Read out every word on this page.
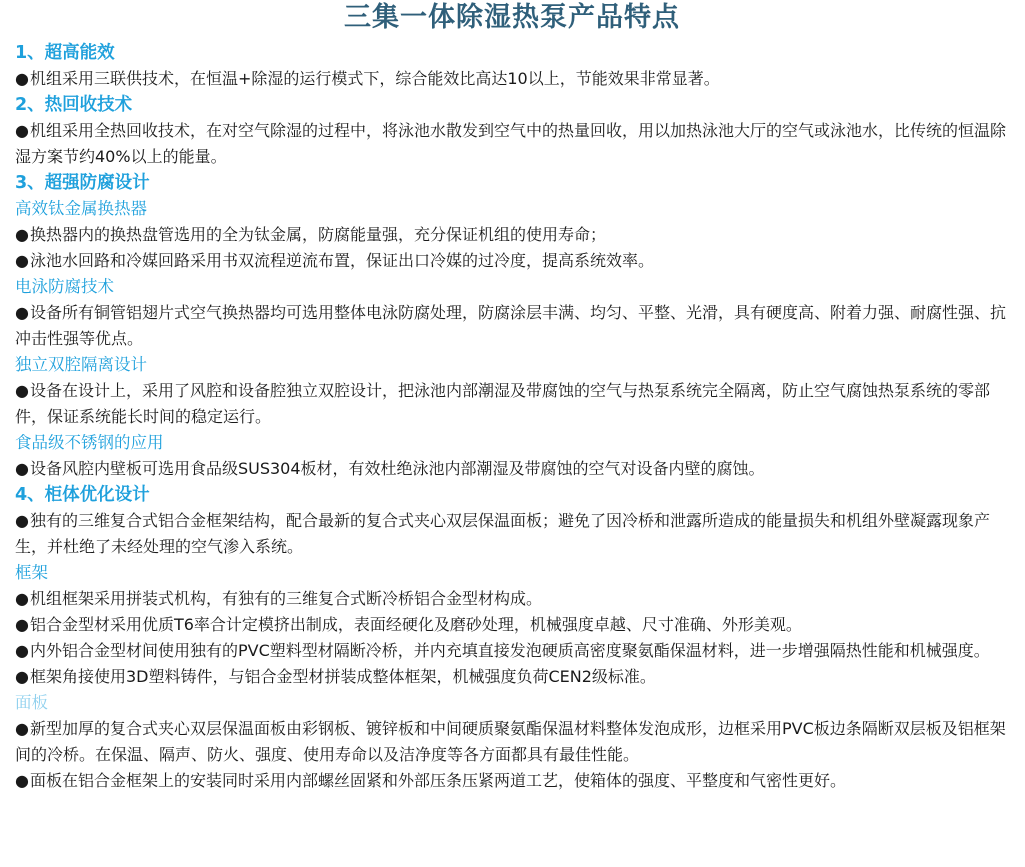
三集一体除湿热泵产品特点
1、超高能效

●机组采用三联供技术，在恒温+除湿的运行模式下，综合能效比高达10以上，节能效果非常显著。

2、热回收技术

●机组采用全热回收技术，在对空气除湿的过程中，将泳池水散发到空气中的热量回收，用以加热泳池大厅的空气或泳池水，比传统的恒温除湿方案节约40%以上的能量。

3、超强防腐设计
高效钛金属换热器

●换热器内的换热盘管选用的全为钛金属，防腐能量强，充分保证机组的使用寿命；

●泳池水回路和冷媒回路采用书双流程逆流布置，保证出口冷媒的过冷度，提高系统效率。

电泳防腐技术

●设备所有铜管铝翅片式空气换热器均可选用整体电泳防腐处理，防腐涂层丰满、均匀、平整、光滑，具有硬度高、附着力强、耐腐性强、抗冲击性强等优点。

独立双腔隔离设计

●设备在设计上，采用了风腔和设备腔独立双腔设计，把泳池内部潮湿及带腐蚀的空气与热泵系统完全隔离，防止空气腐蚀热泵系统的零部件，保证系统能长时间的稳定运行。

食品级不锈钢的应用

●设备风腔内壁板可选用食品级SUS304板材，有效杜绝泳池内部潮湿及带腐蚀的空气对设备内壁的腐蚀。

4、柜体优化设计

●独有的三维复合式铝合金框架结构，配合最新的复合式夹心双层保温面板；避免了因冷桥和泄露所造成的能量损失和机组外壁凝露现象产生，并杜绝了未经处理的空气渗入系统。

框架

●机组框架采用拼装式机构，有独有的三维复合式断冷桥铝合金型材构成。

●铝合金型材采用优质T6率合计定模挤出制成，表面经硬化及磨砂处理，机械强度卓越、尺寸准确、外形美观。

●内外铝合金型材间使用独有的PVC塑料型材隔断冷桥，并内充填直接发泡硬质高密度聚氨酯保温材料，进一步增强隔热性能和机械强度。

●框架角接使用3D塑料铸件，与铝合金型材拼装成整体框架，机械强度负荷CEN2级标准。

面板

●新型加厚的复合式夹心双层保温面板由彩钢板、镀锌板和中间硬质聚氨酯保温材料整体发泡成形，边框采用PVC板边条隔断双层板及铝框架间的冷桥。在保温、隔声、防火、强度、使用寿命以及洁净度等各方面都具有最佳性能。

●面板在铝合金框架上的安装同时采用内部螺丝固紧和外部压条压紧两道工艺，使箱体的强度、平整度和气密性更好。
